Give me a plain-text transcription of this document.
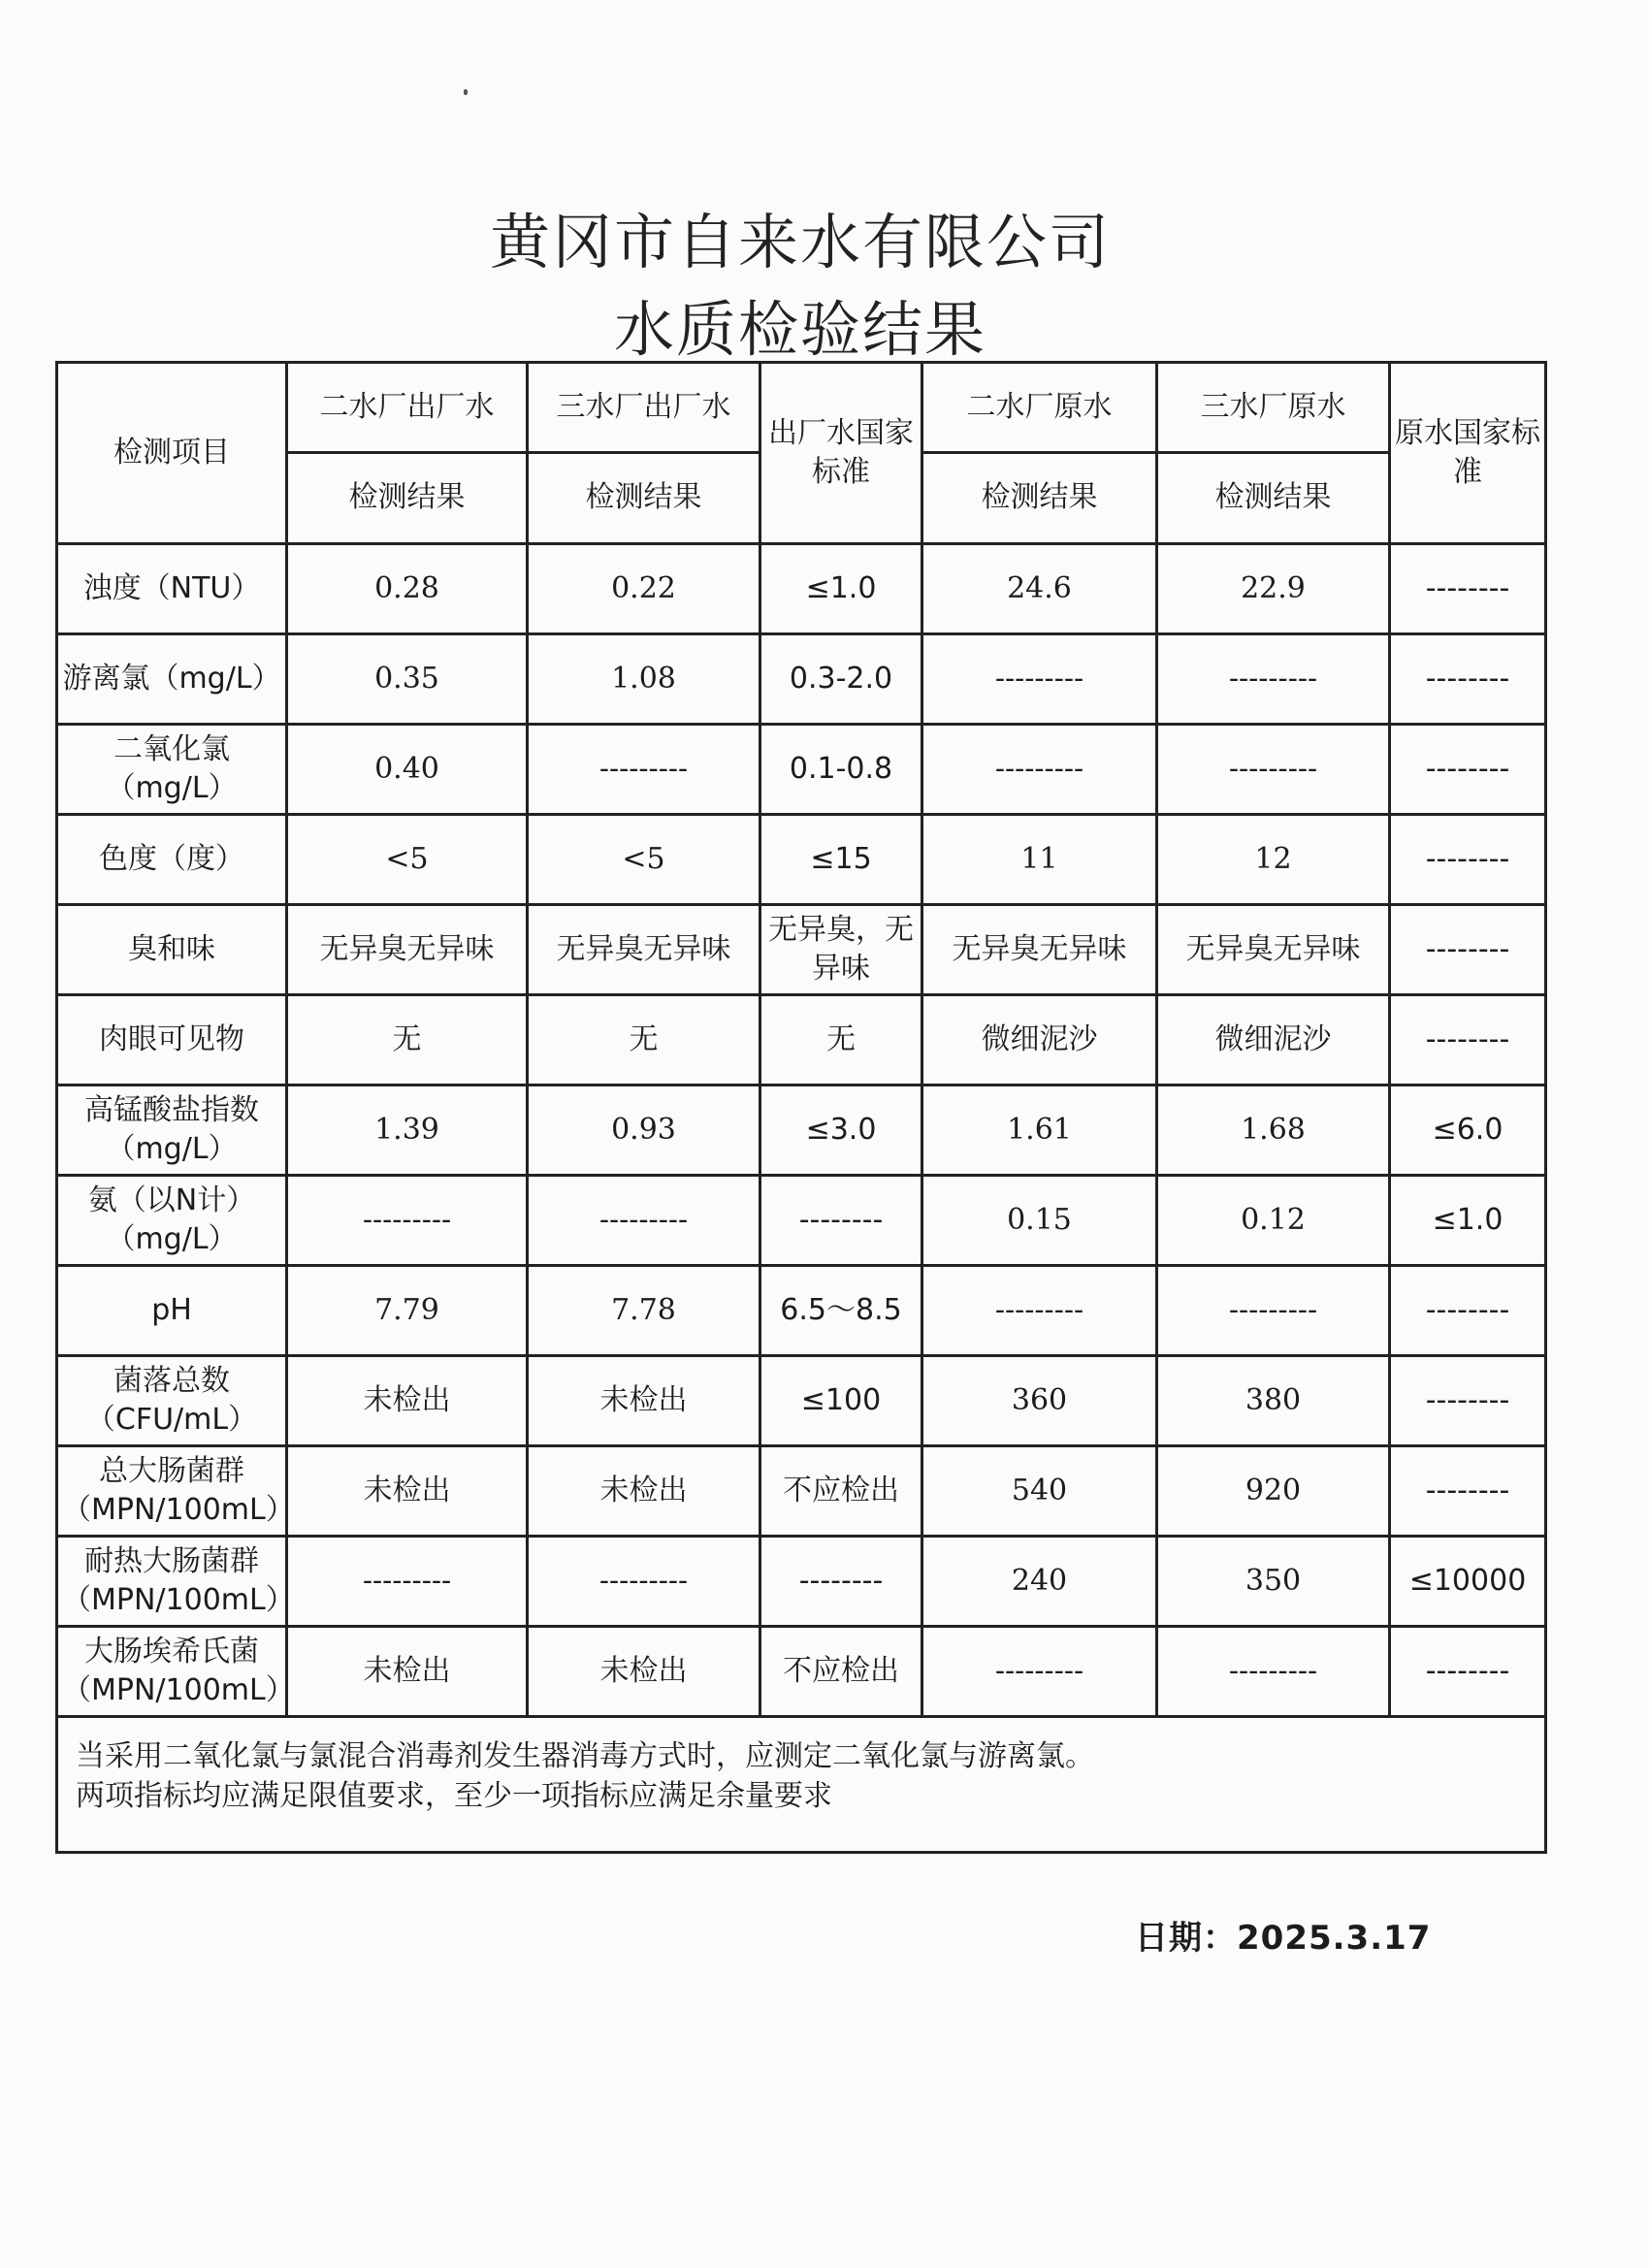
黄冈市自来水有限公司
水质检验结果
检测项目	二水厂出厂水	三水厂出厂水	出厂水国家标准	二水厂原水	三水厂原水	原水国家标准
	检测结果	检测结果		检测结果	检测结果	
浊度（NTU）	0.28	0.22	≤1.0	24.6	22.9	--------
游离氯（mg/L）	0.35	1.08	0.3-2.0	---------	---------	--------
二氧化氯（mg/L）	0.40	---------	0.1-0.8	---------	---------	--------
色度（度）	<5	<5	≤15	11	12	--------
臭和味	无异臭无异味	无异臭无异味	无异臭，无异味	无异臭无异味	无异臭无异味	--------
肉眼可见物	无	无	无	微细泥沙	微细泥沙	--------
高锰酸盐指数（mg/L）	1.39	0.93	≤3.0	1.61	1.68	≤6.0
氨（以N计）（mg/L）	---------	---------	--------	0.15	0.12	≤1.0
pH	7.79	7.78	6.5～8.5	---------	---------	--------
菌落总数（CFU/mL）	未检出	未检出	≤100	360	380	--------
总大肠菌群（MPN/100mL）	未检出	未检出	不应检出	540	920	--------
耐热大肠菌群（MPN/100mL）	---------	---------	--------	240	350	≤10000
大肠埃希氏菌（MPN/100mL）	未检出	未检出	不应检出	---------	---------	--------

当采用二氧化氯与氯混合消毒剂发生器消毒方式时，应测定二氧化氯与游离氯。
两项指标均应满足限值要求，至少一项指标应满足余量要求						
日期：2025.3.17
